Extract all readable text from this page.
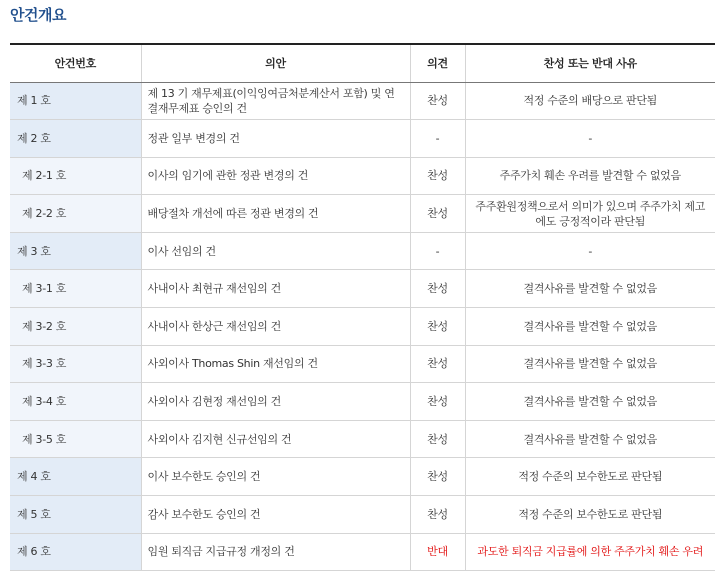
안건개요
안건번호	의안	의견	찬성 또는 반대 사유
제 1 호	제 13 기 재무제표(이익잉여금처분계산서 포함) 및 연결재무제표 승인의 건	찬성	적정 수준의 배당으로 판단됨
제 2 호	정관 일부 변경의 건	-	-
제 2-1 호	이사의 임기에 관한 정관 변경의 건	찬성	주주가치 훼손 우려를 발견할 수 없었음
제 2-2 호	배당절차 개선에 따른 정관 변경의 건	찬성	주주환원정책으로서 의미가 있으며 주주가치 제고에도 긍정적이라 판단됨
제 3 호	이사 선임의 건	-	-
제 3-1 호	사내이사 최현규 재선임의 건	찬성	결격사유를 발견할 수 없었음
제 3-2 호	사내이사 한상근 재선임의 건	찬성	결격사유를 발견할 수 없었음
제 3-3 호	사외이사 Thomas Shin 재선임의 건	찬성	결격사유를 발견할 수 없었음
제 3-4 호	사외이사 김현정 재선임의 건	찬성	결격사유를 발견할 수 없었음
제 3-5 호	사외이사 김지현 신규선임의 건	찬성	결격사유를 발견할 수 없었음
제 4 호	이사 보수한도 승인의 건	찬성	적정 수준의 보수한도로 판단됨
제 5 호	감사 보수한도 승인의 건	찬성	적정 수준의 보수한도로 판단됨
제 6 호	임원 퇴직금 지급규정 개정의 건	반대	과도한 퇴직금 지급률에 의한 주주가치 훼손 우려
